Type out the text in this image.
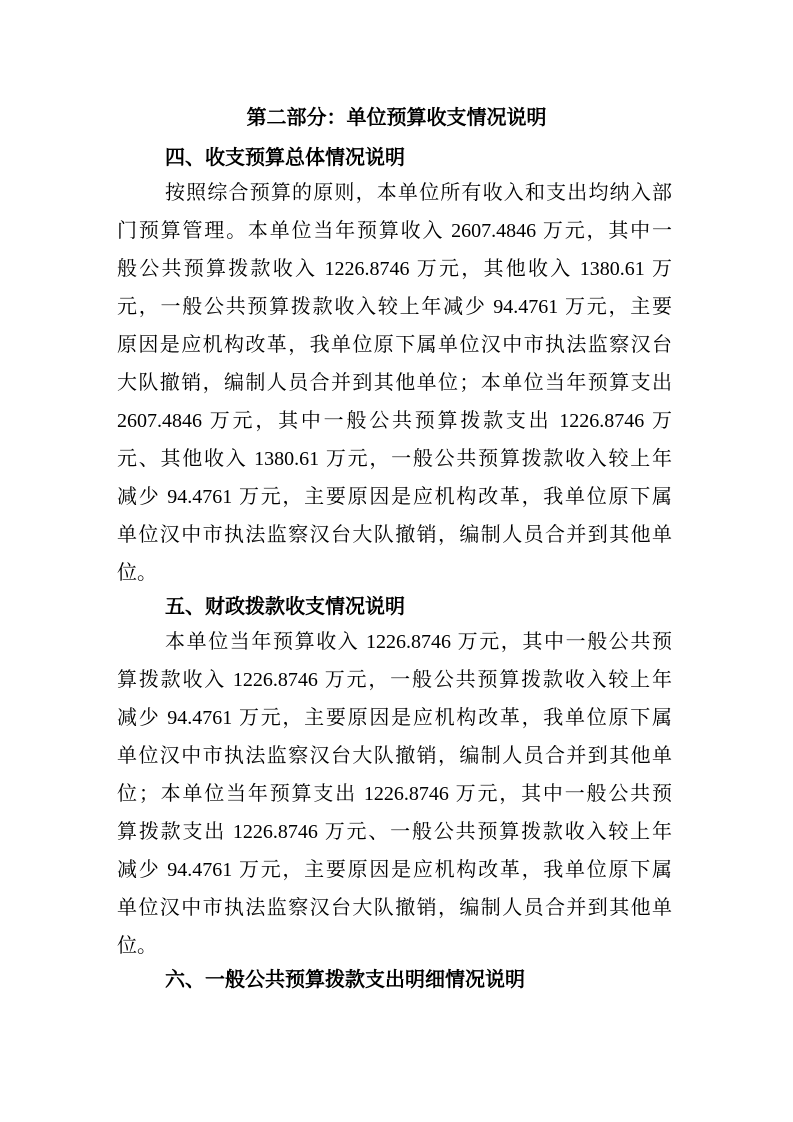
第二部分：单位预算收支情况说明
四、收支预算总体情况说明
按照综合预算的原则，本单位所有收入和支出均纳入部
门预算管理。本单位当年预算收入 2607.4846 万元，其中一
般公共预算拨款收入 1226.8746 万元，其他收入 1380.61 万
元，一般公共预算拨款收入较上年减少 94.4761 万元，主要
原因是应机构改革，我单位原下属单位汉中市执法监察汉台
大队撤销，编制人员合并到其他单位；本单位当年预算支出
2607.4846 万元，其中一般公共预算拨款支出 1226.8746 万
元、其他收入 1380.61 万元，一般公共预算拨款收入较上年
减少 94.4761 万元，主要原因是应机构改革，我单位原下属
单位汉中市执法监察汉台大队撤销，编制人员合并到其他单
位。
五、财政拨款收支情况说明
本单位当年预算收入 1226.8746 万元，其中一般公共预
算拨款收入 1226.8746 万元，一般公共预算拨款收入较上年
减少 94.4761 万元，主要原因是应机构改革，我单位原下属
单位汉中市执法监察汉台大队撤销，编制人员合并到其他单
位；本单位当年预算支出 1226.8746 万元，其中一般公共预
算拨款支出 1226.8746 万元、一般公共预算拨款收入较上年
减少 94.4761 万元，主要原因是应机构改革，我单位原下属
单位汉中市执法监察汉台大队撤销，编制人员合并到其他单
位。
六、一般公共预算拨款支出明细情况说明
